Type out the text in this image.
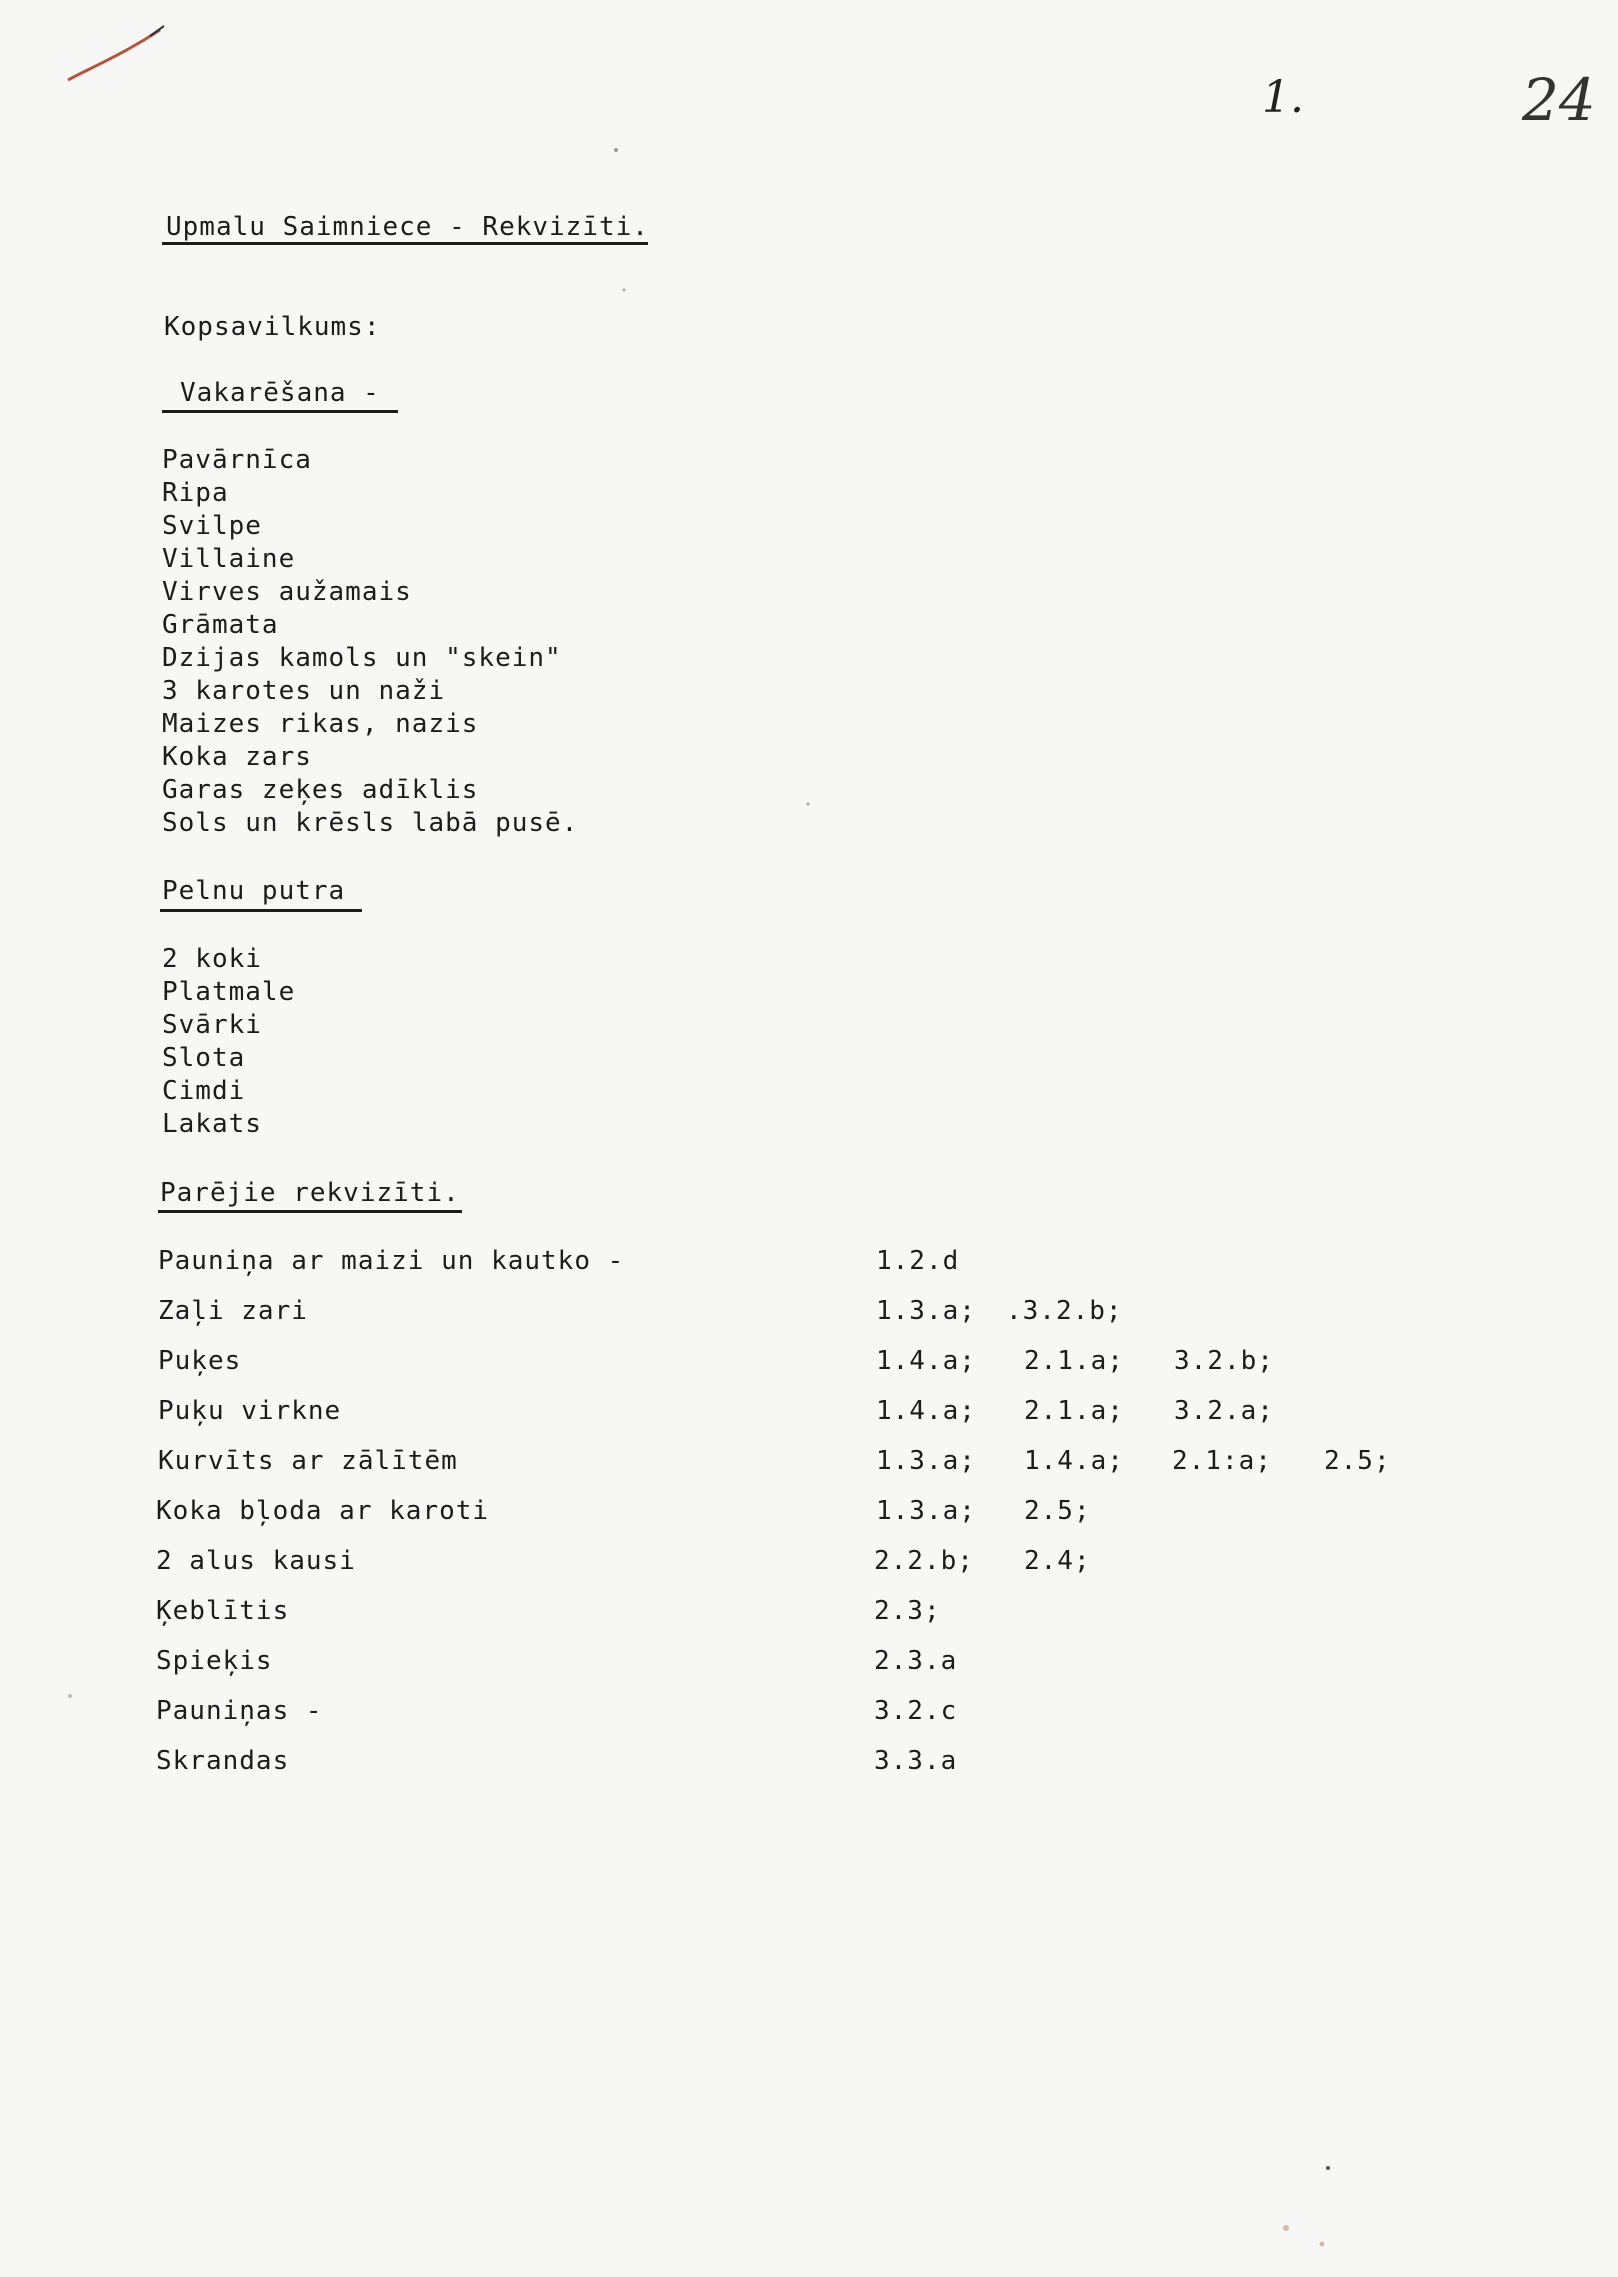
1.	24
Upmalu Saimniece - Rekvizīti.
Kopsavilkums:
Vakarēšana -
Pavārnīca
Ripa
Svilpe
Villaine
Virves aužamais
Grāmata
Dzijas kamols un "skein"
3 karotes un naži
Maizes rikas, nazis
Koka zars
Garas zeķes adīklis
Sols un krēsls labā pusē.
Pelnu putra
2 koki
Platmale
Svārki
Slota
Cimdi
Lakats
Parējie rekvizīti.
Pauniņa ar maizi un kautko -	1.2.d
Zaļi zari	1.3.a; .3.2.b;
Puķes	1.4.a; 2.1.a; 3.2.b;
Puķu virkne	1.4.a; 2.1.a; 3.2.a;
Kurvīts ar zālītēm	1.3.a; 1.4.a; 2.1:a; 2.5;
Koka bļoda ar karoti	1.3.a; 2.5;
2 alus kausi	2.2.b; 2.4;
Ķeblītis	2.3;
Spieķis	2.3.a
Pauniņas -	3.2.c
Skrandas	3.3.a
